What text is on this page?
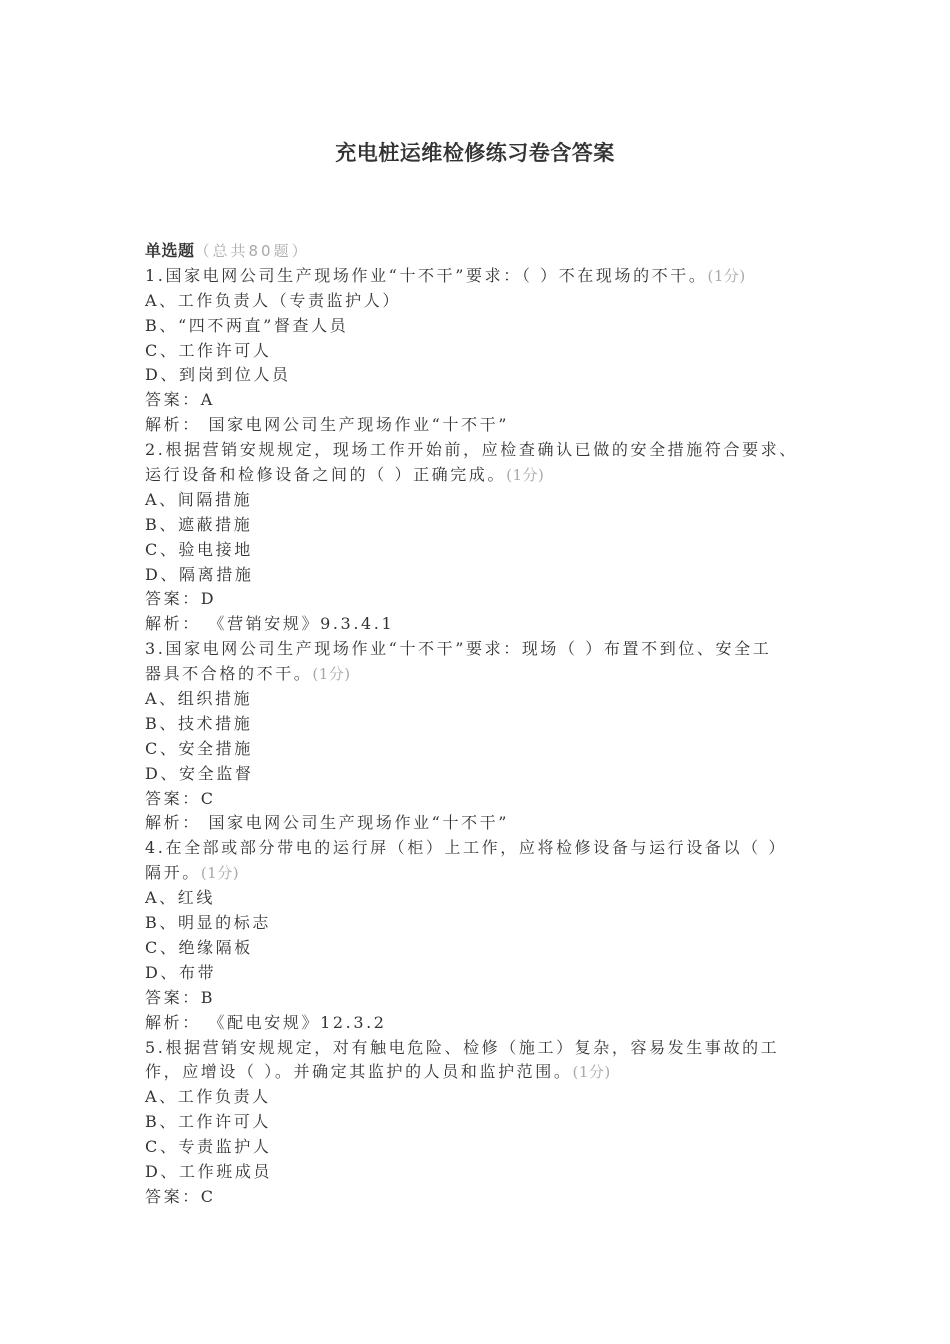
充电桩运维检修练习卷含答案
单选题（总共80题）
1.国家电网公司生产现场作业“十不干”要求：（ ）不在现场的不干。(1分)
A、工作负责人（专责监护人）
B、“四不两直”督查人员
C、工作许可人
D、到岗到位人员
答案：A
解析： 国家电网公司生产现场作业“十不干”
2.根据营销安规规定，现场工作开始前，应检查确认已做的安全措施符合要求、
运行设备和检修设备之间的（ ）正确完成。(1分)
A、间隔措施
B、遮蔽措施
C、验电接地
D、隔离措施
答案：D
解析： 《营销安规》9.3.4.1
3.国家电网公司生产现场作业“十不干”要求：现场（ ）布置不到位、安全工
器具不合格的不干。(1分)
A、组织措施
B、技术措施
C、安全措施
D、安全监督
答案：C
解析： 国家电网公司生产现场作业“十不干”
4.在全部或部分带电的运行屏（柜）上工作，应将检修设备与运行设备以（ ）
隔开。(1分)
A、红线
B、明显的标志
C、绝缘隔板
D、布带
答案：B
解析： 《配电安规》12.3.2
5.根据营销安规规定，对有触电危险、检修（施工）复杂，容易发生事故的工
作，应增设（ ）。并确定其监护的人员和监护范围。(1分)
A、工作负责人
B、工作许可人
C、专责监护人
D、工作班成员
答案：C
